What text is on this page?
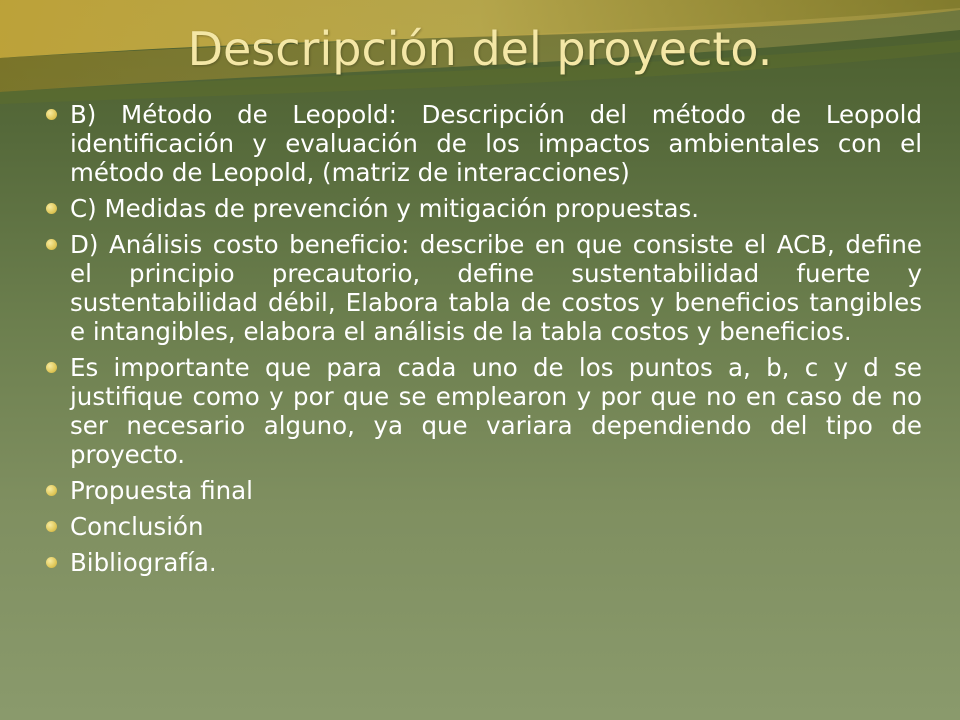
Descripción del proyecto.
B) Método de Leopold: Descripción del método de Leopold identificación y evaluación de los impactos ambientales con el método de Leopold, (matriz de interacciones)
C) Medidas de prevención y mitigación propuestas.
D) Análisis costo beneficio: describe en que consiste el ACB, define el principio precautorio, define sustentabilidad fuerte y sustentabilidad débil, Elabora tabla de costos y beneficios tangibles e intangibles, elabora el análisis de la tabla costos y beneficios.
Es importante que para cada uno de los puntos a, b, c y d se justifique como y por que se emplearon y por que no en caso de no ser necesario alguno, ya que variara dependiendo del tipo de proyecto.
Propuesta final
Conclusión
Bibliografía.
